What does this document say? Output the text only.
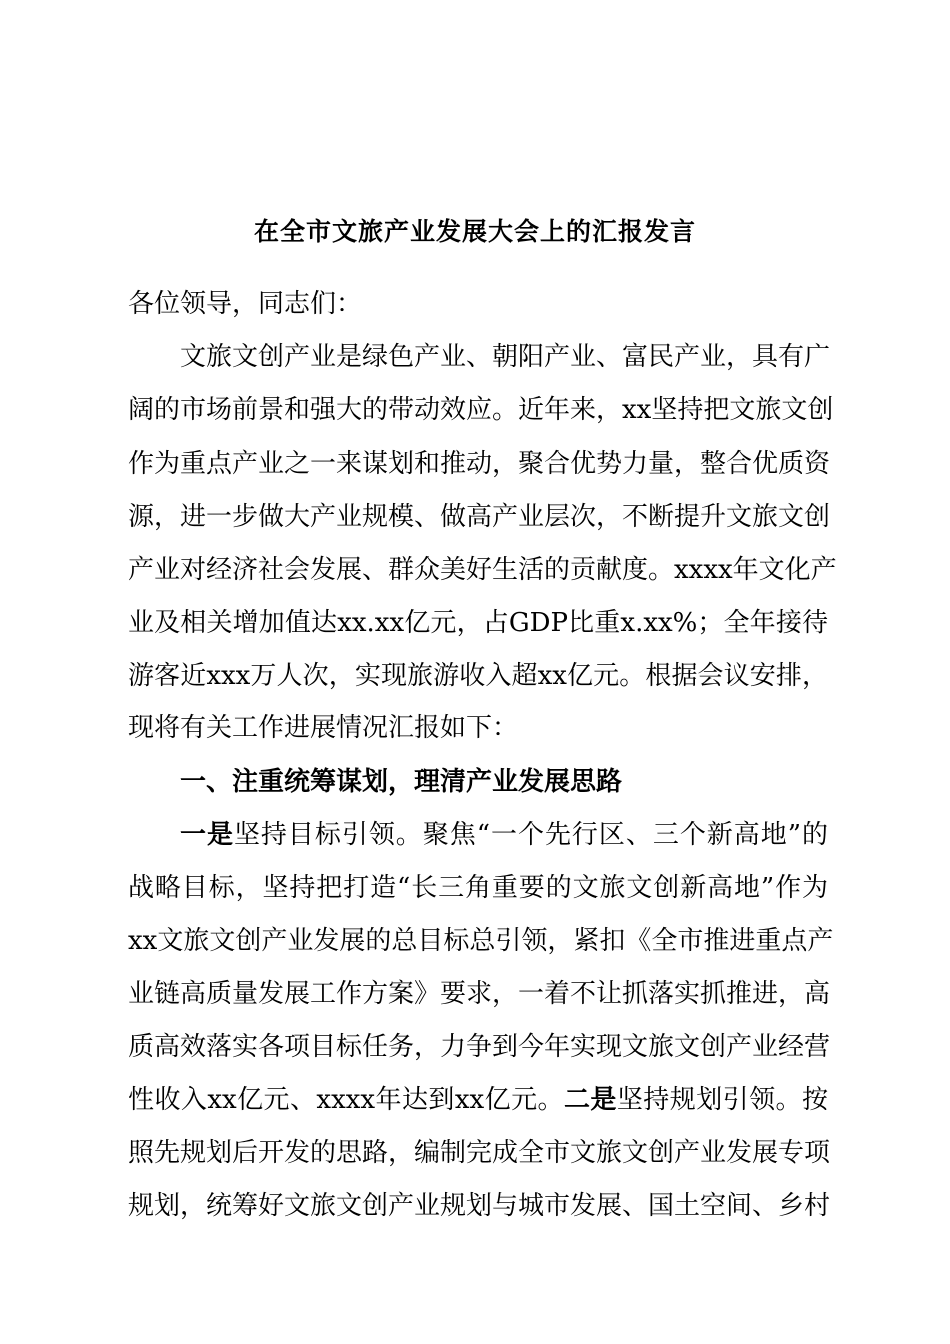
在全市文旅产业发展大会上的汇报发言
各位领导，同志们：
文旅文创产业是绿色产业、朝阳产业、富民产业，具有广
阔的市场前景和强大的带动效应。近年来，xx坚持把文旅文创
作为重点产业之一来谋划和推动，聚合优势力量，整合优质资
源，进一步做大产业规模、做高产业层次，不断提升文旅文创
产业对经济社会发展、群众美好生活的贡献度。xxxx年文化产
业及相关增加值达xx.xx亿元，占GDP比重x.xx%；全年接待
游客近xxx万人次，实现旅游收入超xx亿元。根据会议安排，
现将有关工作进展情况汇报如下：
一、注重统筹谋划，理清产业发展思路
一是坚持目标引领。聚焦“一个先行区、三个新高地”的
战略目标，坚持把打造“长三角重要的文旅文创新高地”作为
xx文旅文创产业发展的总目标总引领，紧扣《全市推进重点产
业链高质量发展工作方案》要求，一着不让抓落实抓推进，高
质高效落实各项目标任务，力争到今年实现文旅文创产业经营
性收入xx亿元、xxxx年达到xx亿元。二是坚持规划引领。按
照先规划后开发的思路，编制完成全市文旅文创产业发展专项
规划，统筹好文旅文创产业规划与城市发展、国土空间、乡村
